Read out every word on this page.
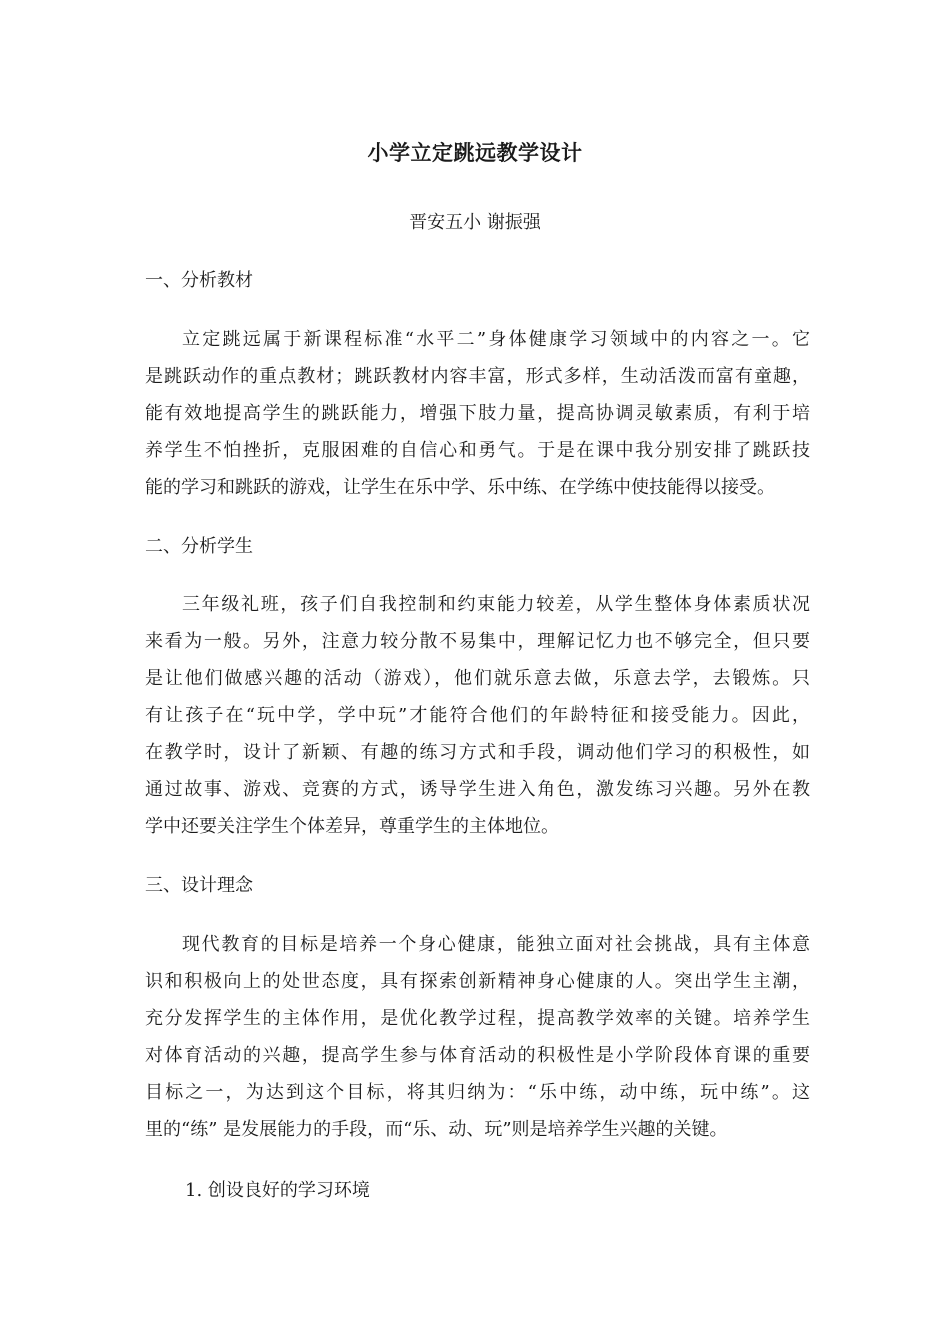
小学立定跳远教学设计
晋安五小 谢振强
一、分析教材
立定跳远属于新课程标准“水平二”身体健康学习领域中的内容之一。它
是跳跃动作的重点教材；跳跃教材内容丰富，形式多样，生动活泼而富有童趣，
能有效地提高学生的跳跃能力，增强下肢力量，提高协调灵敏素质，有利于培
养学生不怕挫折，克服困难的自信心和勇气。于是在课中我分别安排了跳跃技
能的学习和跳跃的游戏，让学生在乐中学、乐中练、在学练中使技能得以接受。
二、分析学生
三年级礼班，孩子们自我控制和约束能力较差，从学生整体身体素质状况
来看为一般。另外，注意力较分散不易集中，理解记忆力也不够完全，但只要
是让他们做感兴趣的活动（游戏），他们就乐意去做，乐意去学，去锻炼。只
有让孩子在“玩中学，学中玩”才能符合他们的年龄特征和接受能力。因此，
在教学时，设计了新颖、有趣的练习方式和手段，调动他们学习的积极性，如
通过故事、游戏、竞赛的方式，诱导学生进入角色，激发练习兴趣。另外在教
学中还要关注学生个体差异，尊重学生的主体地位。
三、设计理念
现代教育的目标是培养一个身心健康，能独立面对社会挑战，具有主体意
识和积极向上的处世态度，具有探索创新精神身心健康的人。突出学生主潮，
充分发挥学生的主体作用，是优化教学过程，提高教学效率的关键。培养学生
对体育活动的兴趣，提高学生参与体育活动的积极性是小学阶段体育课的重要
目标之一，为达到这个目标，将其归纳为：“乐中练，动中练，玩中练”。这
里的“练” 是发展能力的手段，而“乐、动、玩”则是培养学生兴趣的关键。
1. 创设良好的学习环境
